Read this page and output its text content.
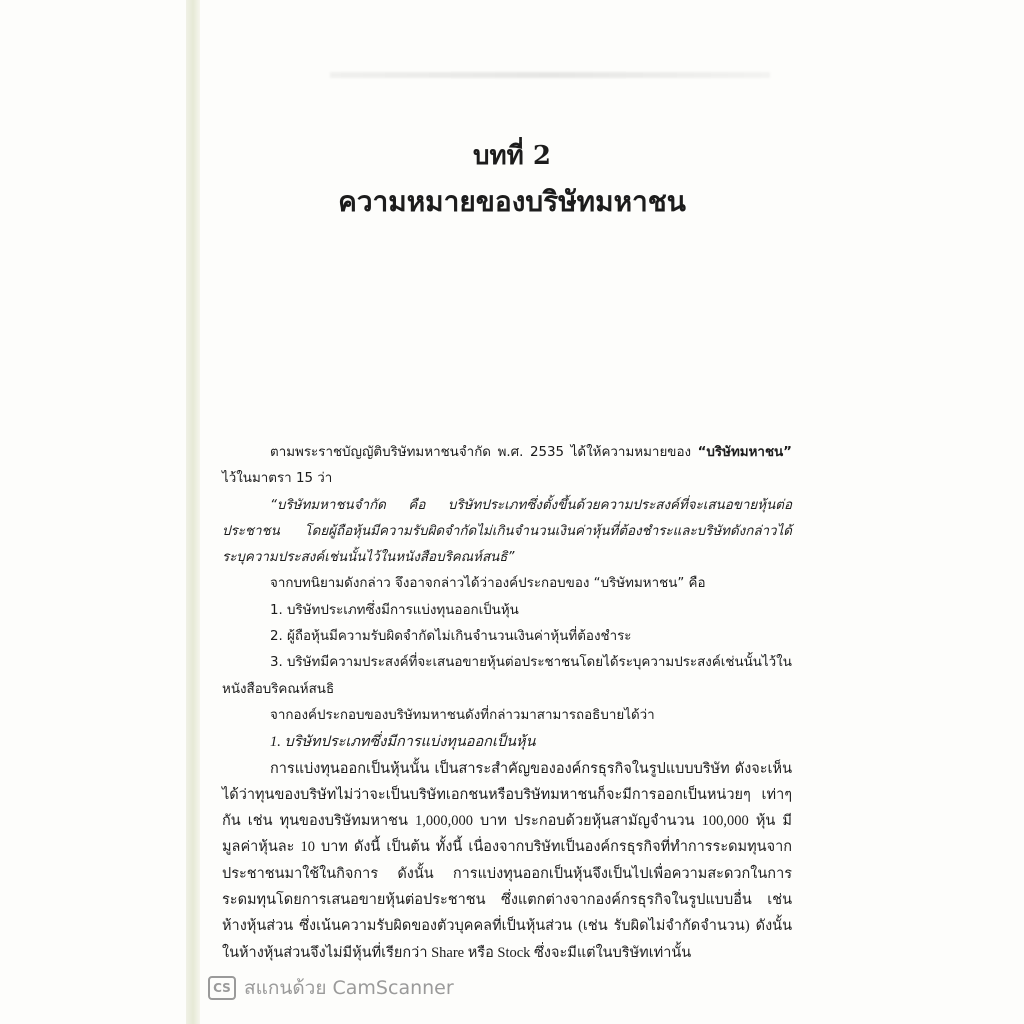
บทที่ 2
ความหมายของบริษัทมหาชน

ตามพระราชบัญญัติบริษัทมหาชนจำกัด พ.ศ. 2535 ได้ให้ความหมายของ “บริษัทมหาชน” ไว้ในมาตรา 15 ว่า

“บริษัทมหาชนจำกัด คือ บริษัทประเภทซึ่งตั้งขึ้นด้วยความประสงค์ที่จะเสนอขายหุ้นต่อประชาชน โดยผู้ถือหุ้นมีความรับผิดจำกัดไม่เกินจำนวนเงินค่าหุ้นที่ต้องชำระและบริษัทดังกล่าวได้ระบุความประสงค์เช่นนั้นไว้ในหนังสือบริคณห์สนธิ”

จากบทนิยามดังกล่าว จึงอาจกล่าวได้ว่าองค์ประกอบของ “บริษัทมหาชน” คือ

1. บริษัทประเภทซึ่งมีการแบ่งทุนออกเป็นหุ้น

2. ผู้ถือหุ้นมีความรับผิดจำกัดไม่เกินจำนวนเงินค่าหุ้นที่ต้องชำระ

3. บริษัทมีความประสงค์ที่จะเสนอขายหุ้นต่อประชาชนโดยได้ระบุความประสงค์เช่นนั้นไว้ใน

หนังสือบริคณห์สนธิ

จากองค์ประกอบของบริษัทมหาชนดังที่กล่าวมาสามารถอธิบายได้ว่า

1. บริษัทประเภทซึ่งมีการแบ่งทุนออกเป็นหุ้น

การแบ่งทุนออกเป็นหุ้นนั้น เป็นสาระสำคัญขององค์กรธุรกิจในรูปแบบบริษัท ดังจะเห็นได้ว่าทุนของบริษัทไม่ว่าจะเป็นบริษัทเอกชนหรือบริษัทมหาชนก็จะมีการออกเป็นหน่วยๆ เท่าๆ กัน เช่น ทุนของบริษัทมหาชน 1,000,000 บาท ประกอบด้วยหุ้นสามัญจำนวน 100,000 หุ้น มีมูลค่าหุ้นละ 10 บาท ดังนี้ เป็นต้น ทั้งนี้ เนื่องจากบริษัทเป็นองค์กรธุรกิจที่ทำการระดมทุนจากประชาชนมาใช้ในกิจการ ดังนั้น การแบ่งทุนออกเป็นหุ้นจึงเป็นไปเพื่อความสะดวกในการระดมทุนโดยการเสนอขายหุ้นต่อประชาชน ซึ่งแตกต่างจากองค์กรธุรกิจในรูปแบบอื่น เช่น ห้างหุ้นส่วน ซึ่งเน้นความรับผิดของตัวบุคคลที่เป็นหุ้นส่วน (เช่น รับผิดไม่จำกัดจำนวน) ดังนั้น ในห้างหุ้นส่วนจึงไม่มีหุ้นที่เรียกว่า Share หรือ Stock ซึ่งจะมีแต่ในบริษัทเท่านั้น

CS สแกนด้วย CamScanner
